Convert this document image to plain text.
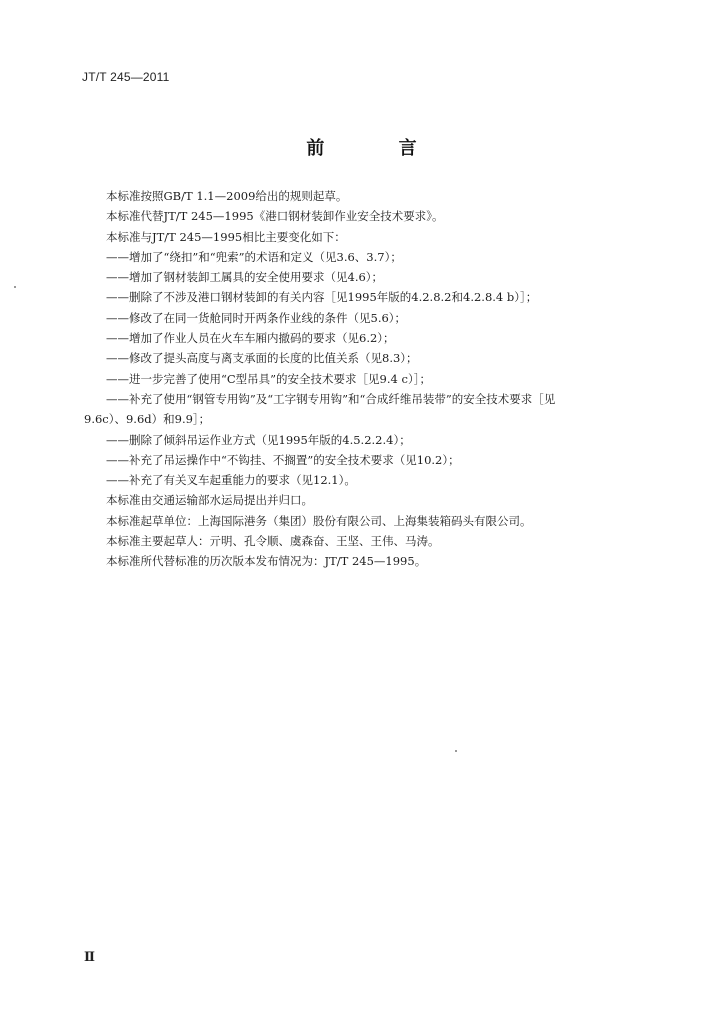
JT/T 245—2011
前 言
本标准按照GB/T 1.1—2009给出的规则起草。
本标准代替JT/T 245—1995《港口钢材装卸作业安全技术要求》。
本标准与JT/T 245—1995相比主要变化如下：
——增加了“绕扣”和“兜索”的术语和定义（见3.6、3.7）；
——增加了钢材装卸工属具的安全使用要求（见4.6）；
——删除了不涉及港口钢材装卸的有关内容［见1995年版的4.2.8.2和4.2.8.4 b）］；
——修改了在同一货舱同时开两条作业线的条件（见5.6）；
——增加了作业人员在火车车厢内撤码的要求（见6.2）；
——修改了提头高度与离支承面的长度的比值关系（见8.3）；
——进一步完善了使用“C型吊具”的安全技术要求［见9.4 c）］；
——补充了使用“钢管专用钩”及“工字钢专用钩”和“合成纤维吊装带”的安全技术要求［见
9.6c）、9.6d）和9.9］；
——删除了倾斜吊运作业方式（见1995年版的4.5.2.2.4）；
——补充了吊运操作中“不钩挂、不搁置”的安全技术要求（见10.2）；
——补充了有关叉车起重能力的要求（见12.1）。
本标准由交通运输部水运局提出并归口。
本标准起草单位：上海国际港务（集团）股份有限公司、上海集装箱码头有限公司。
本标准主要起草人：亓明、孔令顺、虞森奋、王坚、王伟、马涛。
本标准所代替标准的历次版本发布情况为：JT/T 245—1995。
Ⅱ
